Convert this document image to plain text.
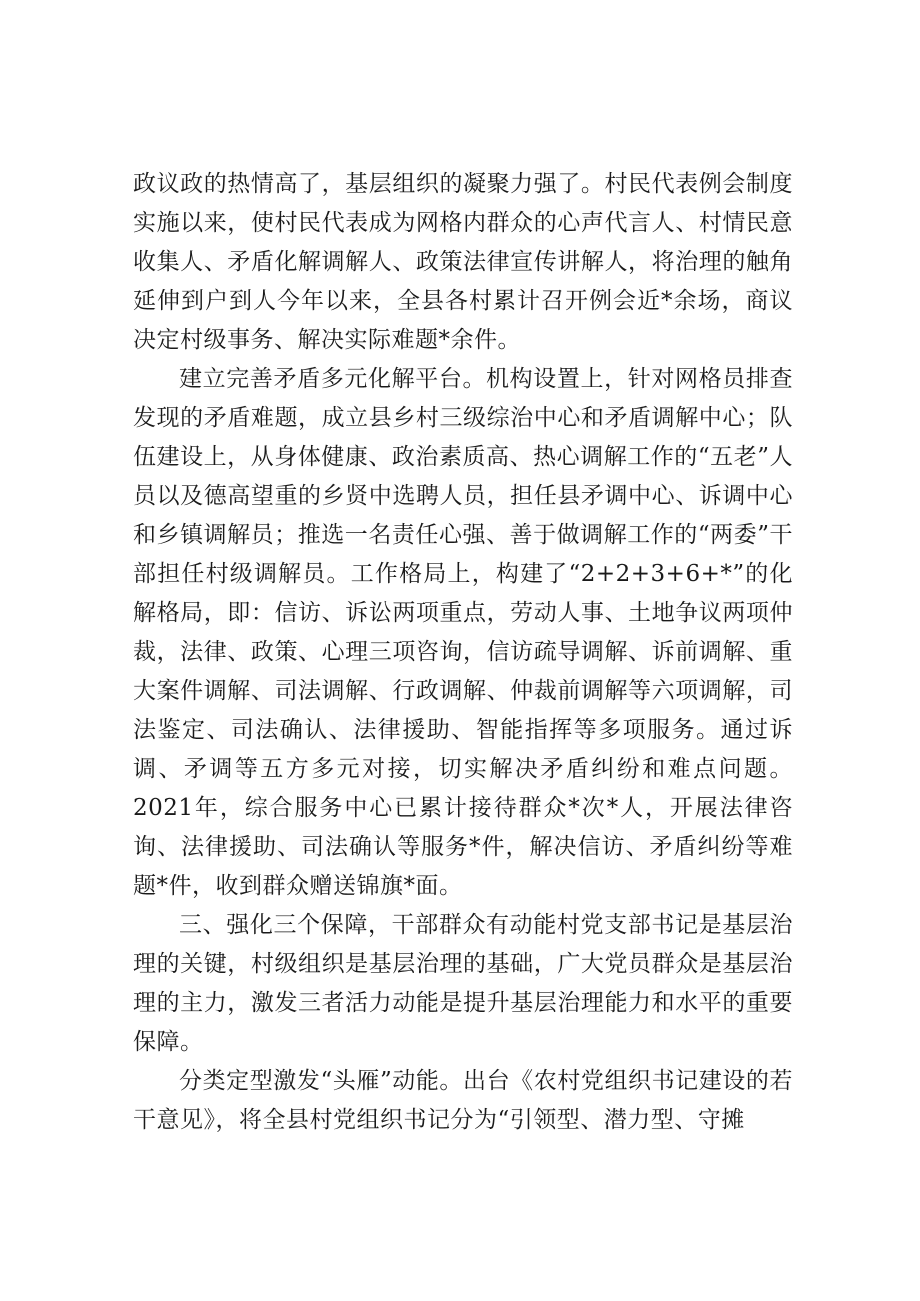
政议政的热情高了，基层组织的凝聚力强了。村民代表例会制度实施以来，使村民代表成为网格内群众的心声代言人、村情民意收集人、矛盾化解调解人、政策法律宣传讲解人，将治理的触角延伸到户到人今年以来，全县各村累计召开例会近*余场，商议决定村级事务、解决实际难题*余件。

建立完善矛盾多元化解平台。机构设置上，针对网格员排查发现的矛盾难题，成立县乡村三级综治中心和矛盾调解中心；队伍建设上，从身体健康、政治素质高、热心调解工作的“五老”人员以及德高望重的乡贤中选聘人员，担任县矛调中心、诉调中心和乡镇调解员；推选一名责任心强、善于做调解工作的“两委”干部担任村级调解员。工作格局上，构建了“2+2+3+6+*”的化解格局，即：信访、诉讼两项重点，劳动人事、土地争议两项仲裁，法律、政策、心理三项咨询，信访疏导调解、诉前调解、重大案件调解、司法调解、行政调解、仲裁前调解等六项调解，司法鉴定、司法确认、法律援助、智能指挥等多项服务。通过诉调、矛调等五方多元对接，切实解决矛盾纠纷和难点问题。2021年，综合服务中心已累计接待群众*次*人，开展法律咨询、法律援助、司法确认等服务*件，解决信访、矛盾纠纷等难题*件，收到群众赠送锦旗*面。

三、强化三个保障，干部群众有动能村党支部书记是基层治理的关键，村级组织是基层治理的基础，广大党员群众是基层治理的主力，激发三者活力动能是提升基层治理能力和水平的重要保障。

分类定型激发“头雁”动能。出台《农村党组织书记建设的若干意见》，将全县村党组织书记分为“引领型、潜力型、守摊
